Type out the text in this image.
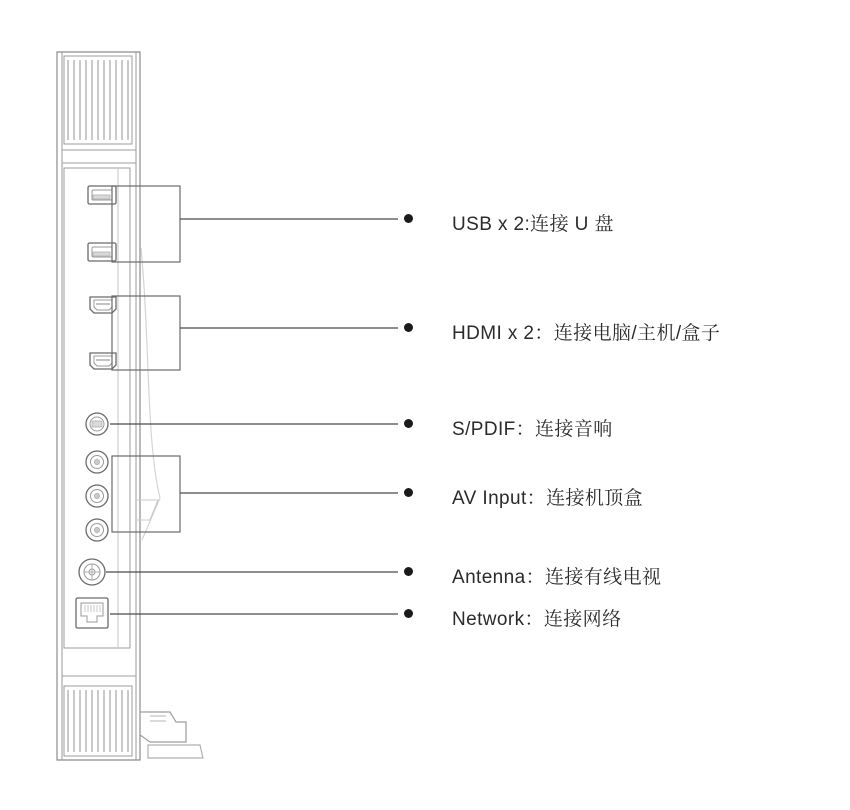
USB x 2:连接 U 盘
HDMI x 2：连接电脑/主机/盒子
S/PDIF：连接音响
AV Input：连接机顶盒
Antenna：连接有线电视
Network：连接网络
